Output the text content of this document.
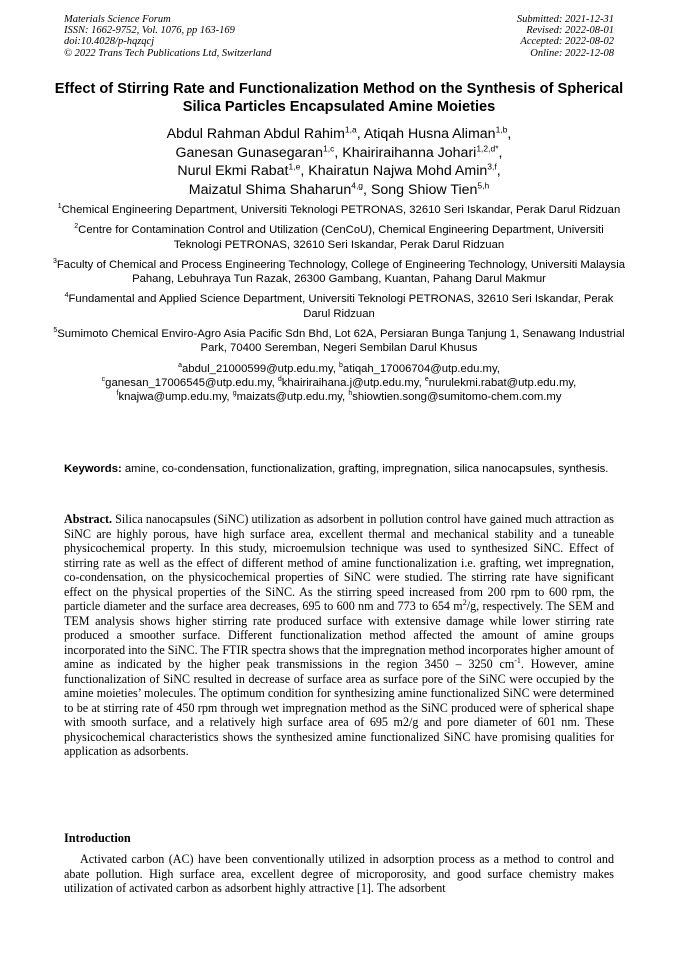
Materials Science Forum
ISSN: 1662-9752, Vol. 1076, pp 163-169
doi:10.4028/p-hqzqcj
© 2022 Trans Tech Publications Ltd, Switzerland
Submitted: 2021-12-31
Revised: 2022-08-01
Accepted: 2022-08-02
Online: 2022-12-08
Effect of Stirring Rate and Functionalization Method on the Synthesis of Spherical Silica Particles Encapsulated Amine Moieties
Abdul Rahman Abdul Rahim$^{1,a}$, Atiqah Husna Aliman$^{1,b}$,
Ganesan Gunasegaran$^{1,c}$, Khairiraihanna Johari$^{1,2,d*}$,
Nurul Ekmi Rabat$^{1,e}$, Khairatun Najwa Mohd Amin$^{3,f}$,
Maizatul Shima Shaharun$^{4,g}$, Song Shiow Tien$^{5,h}$
$^1$Chemical Engineering Department, Universiti Teknologi PETRONAS, 32610 Seri Iskandar, Perak Darul Ridzuan
$^2$Centre for Contamination Control and Utilization (CenCoU), Chemical Engineering Department, Universiti Teknologi PETRONAS, 32610 Seri Iskandar, Perak Darul Ridzuan
$^3$Faculty of Chemical and Process Engineering Technology, College of Engineering Technology, Universiti Malaysia Pahang, Lebuhraya Tun Razak, 26300 Gambang, Kuantan, Pahang Darul Makmur
$^4$Fundamental and Applied Science Department, Universiti Teknologi PETRONAS, 32610 Seri Iskandar, Perak Darul Ridzuan
$^5$Sumimoto Chemical Enviro-Agro Asia Pacific Sdn Bhd, Lot 62A, Persiaran Bunga Tanjung 1, Senawang Industrial Park, 70400 Seremban, Negeri Sembilan Darul Khusus
$^a$abdul_21000599@utp.edu.my, $^b$atiqah_17006704@utp.edu.my,
$^c$ganesan_17006545@utp.edu.my, $^d$khairiraihana.j@utp.edu.my, $^e$nurulekmi.rabat@utp.edu.my,
$^f$knajwa@ump.edu.my, $^g$maizats@utp.edu.my, $^h$shiowtien.song@sumitomo-chem.com.my
Keywords: amine, co-condensation, functionalization, grafting, impregnation, silica nanocapsules, synthesis.
Abstract. Silica nanocapsules (SiNC) utilization as adsorbent in pollution control have gained much attraction as SiNC are highly porous, have high surface area, excellent thermal and mechanical stability and a tuneable physicochemical property. In this study, microemulsion technique was used to synthesized SiNC. Effect of stirring rate as well as the effect of different method of amine functionalization i.e. grafting, wet impregnation, co-condensation, on the physicochemical properties of SiNC were studied. The stirring rate have significant effect on the physical properties of the SiNC. As the stirring speed increased from 200 rpm to 600 rpm, the particle diameter and the surface area decreases, 695 to 600 nm and 773 to 654 $m^2/g$, respectively. The SEM and TEM analysis shows higher stirring rate produced surface with extensive damage while lower stirring rate produced a smoother surface. Different functionalization method affected the amount of amine groups incorporated into the SiNC. The FTIR spectra shows that the impregnation method incorporates higher amount of amine as indicated by the higher peak transmissions in the region 3450 – 3250 $cm^{-1}$. However, amine functionalization of SiNC resulted in decrease of surface area as surface pore of the SiNC were occupied by the amine moieties’ molecules. The optimum condition for synthesizing amine functionalized SiNC were determined to be at stirring rate of 450 rpm through wet impregnation method as the SiNC produced were of spherical shape with smooth surface, and a relatively high surface area of 695 m2/g and pore diameter of 601 nm. These physicochemical characteristics shows the synthesized amine functionalized SiNC have promising qualities for application as adsorbents.
Introduction
Activated carbon (AC) have been conventionally utilized in adsorption process as a method to control and abate pollution. High surface area, excellent degree of microporosity, and good surface chemistry makes utilization of activated carbon as adsorbent highly attractive [1]. The adsorbent
